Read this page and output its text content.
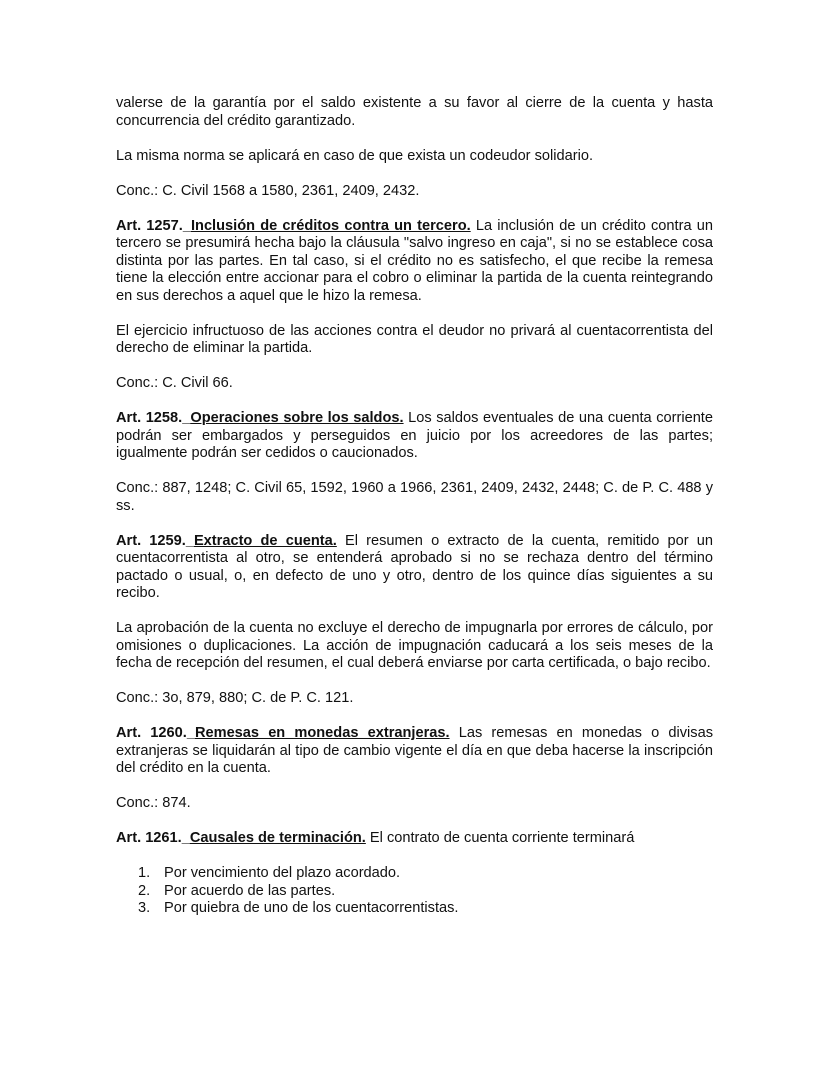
valerse de la garantía por el saldo existente a su favor al cierre de la cuenta y hasta concurrencia del crédito garantizado.

La misma norma se aplicará en caso de que exista un codeudor solidario.

Conc.: C. Civil 1568 a 1580, 2361, 2409, 2432.

Art. 1257._Inclusión de créditos contra un tercero. La inclusión de un crédito contra un tercero se presumirá hecha bajo la cláusula "salvo ingreso en caja", si no se establece cosa distinta por las partes. En tal caso, si el crédito no es satisfecho, el que recibe la remesa tiene la elección entre accionar para el cobro o eliminar la partida de la cuenta reintegrando en sus derechos a aquel que le hizo la remesa.

El ejercicio infructuoso de las acciones contra el deudor no privará al cuentacorrentista del derecho de eliminar la partida.

Conc.: C. Civil 66.

Art. 1258._Operaciones sobre los saldos. Los saldos eventuales de una cuenta corriente podrán ser embargados y perseguidos en juicio por los acreedores de las partes; igualmente podrán ser cedidos o caucionados.

Conc.: 887, 1248; C. Civil 65, 1592, 1960 a 1966, 2361, 2409, 2432, 2448; C. de P. C. 488 y ss.

Art. 1259._Extracto de cuenta. El resumen o extracto de la cuenta, remitido por un cuentacorrentista al otro, se entenderá aprobado si no se rechaza dentro del término pactado o usual, o, en defecto de uno y otro, dentro de los quince días siguientes a su recibo.

La aprobación de la cuenta no excluye el derecho de impugnarla por errores de cálculo, por omisiones o duplicaciones. La acción de impugnación caducará a los seis meses de la fecha de recepción del resumen, el cual deberá enviarse por carta certificada, o bajo recibo.

Conc.: 3o, 879, 880; C. de P. C. 121.

Art. 1260._Remesas en monedas extranjeras. Las remesas en monedas o divisas extranjeras se liquidarán al tipo de cambio vigente el día en que deba hacerse la inscripción del crédito en la cuenta.

Conc.: 874.

Art. 1261._Causales de terminación. El contrato de cuenta corriente terminará

1. Por vencimiento del plazo acordado.
2. Por acuerdo de las partes.
3. Por quiebra de uno de los cuentacorrentistas.
